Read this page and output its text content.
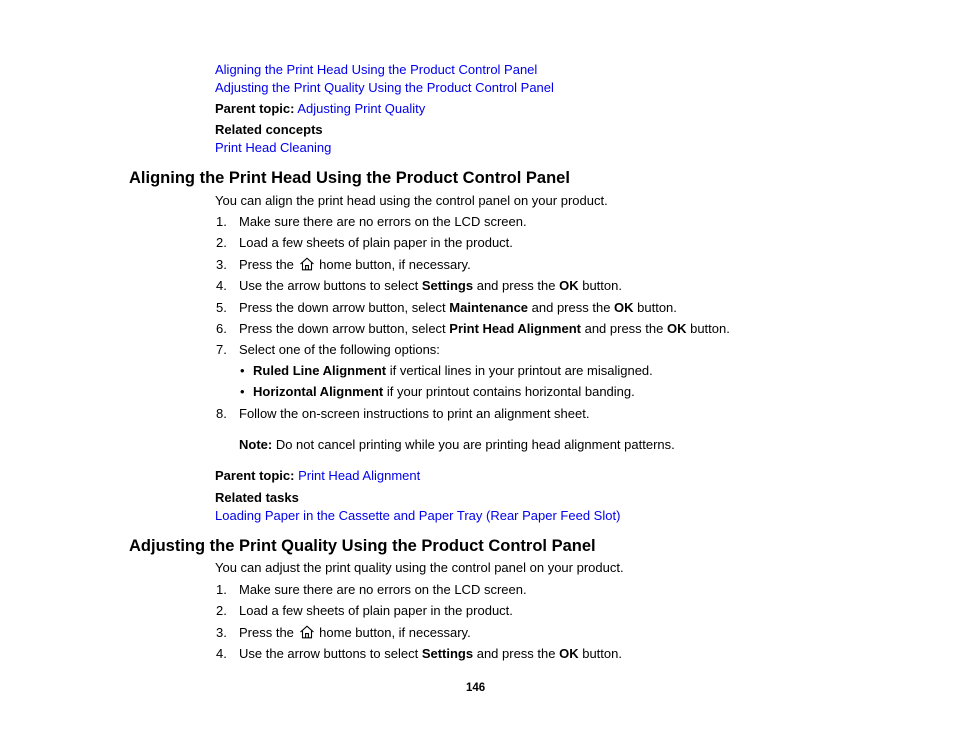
Aligning the Print Head Using the Product Control Panel
Adjusting the Print Quality Using the Product Control Panel
Parent topic: Adjusting Print Quality
Related concepts
Print Head Cleaning
Aligning the Print Head Using the Product Control Panel
You can align the print head using the control panel on your product.
1. Make sure there are no errors on the LCD screen.
2. Load a few sheets of plain paper in the product.
3. Press the home button, if necessary.
4. Use the arrow buttons to select Settings and press the OK button.
5. Press the down arrow button, select Maintenance and press the OK button.
6. Press the down arrow button, select Print Head Alignment and press the OK button.
7. Select one of the following options:
• Ruled Line Alignment if vertical lines in your printout are misaligned.
• Horizontal Alignment if your printout contains horizontal banding.
8. Follow the on-screen instructions to print an alignment sheet.
Note: Do not cancel printing while you are printing head alignment patterns.
Parent topic: Print Head Alignment
Related tasks
Loading Paper in the Cassette and Paper Tray (Rear Paper Feed Slot)
Adjusting the Print Quality Using the Product Control Panel
You can adjust the print quality using the control panel on your product.
1. Make sure there are no errors on the LCD screen.
2. Load a few sheets of plain paper in the product.
3. Press the home button, if necessary.
4. Use the arrow buttons to select Settings and press the OK button.
146
